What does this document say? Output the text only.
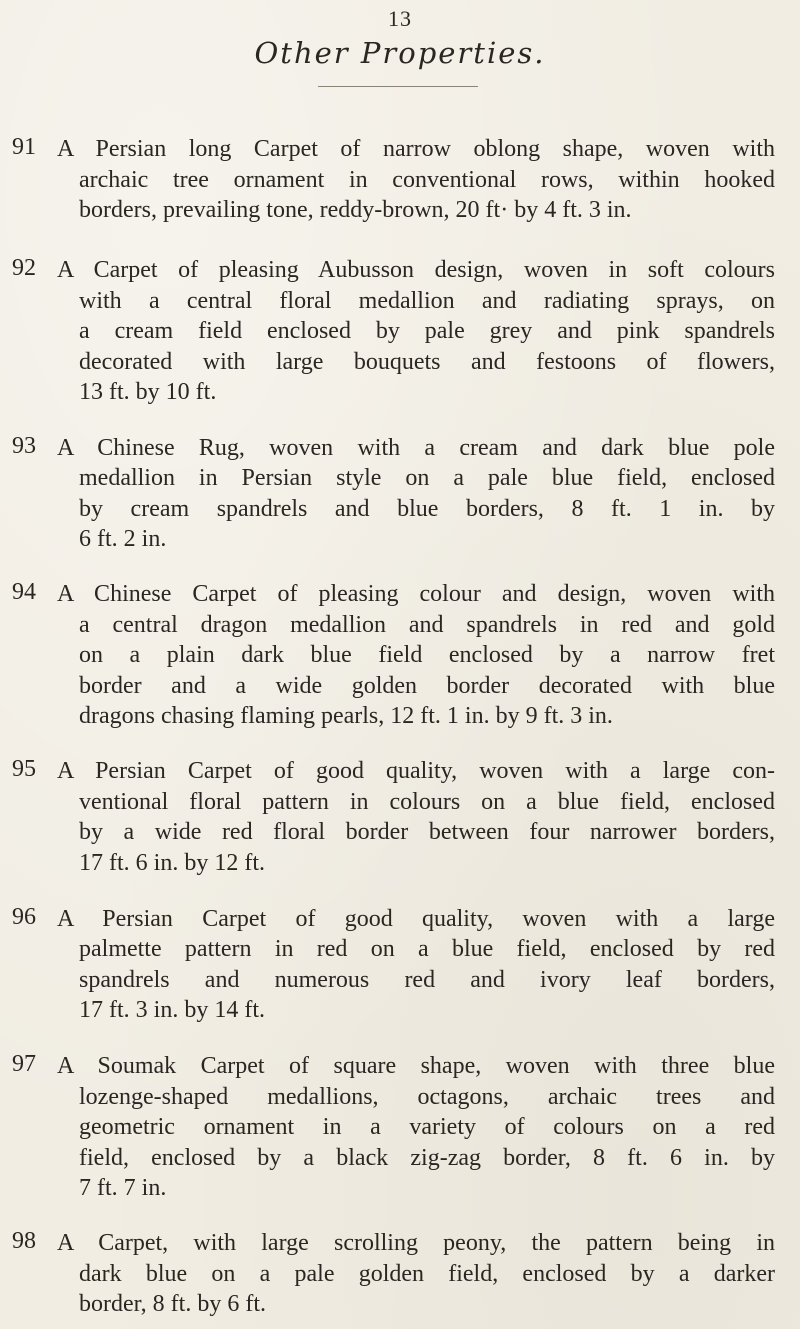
13
Other Properties.
91 A Persian long Carpet of narrow oblong shape, woven with
archaic tree ornament in conventional rows, within hooked
borders, prevailing tone, reddy-brown, 20 ft· by 4 ft. 3 in.
92 A Carpet of pleasing Aubusson design, woven in soft colours
with a central floral medallion and radiating sprays, on
a cream field enclosed by pale grey and pink spandrels
decorated with large bouquets and festoons of flowers,
13 ft. by 10 ft.
93 A Chinese Rug, woven with a cream and dark blue pole
medallion in Persian style on a pale blue field, enclosed
by cream spandrels and blue borders, 8 ft. 1 in. by
6 ft. 2 in.
94 A Chinese Carpet of pleasing colour and design, woven with
a central dragon medallion and spandrels in red and gold
on a plain dark blue field enclosed by a narrow fret
border and a wide golden border decorated with blue
dragons chasing flaming pearls, 12 ft. 1 in. by 9 ft. 3 in.
95 A Persian Carpet of good quality, woven with a large con-
ventional floral pattern in colours on a blue field, enclosed
by a wide red floral border between four narrower borders,
17 ft. 6 in. by 12 ft.
96 A Persian Carpet of good quality, woven with a large
palmette pattern in red on a blue field, enclosed by red
spandrels and numerous red and ivory leaf borders,
17 ft. 3 in. by 14 ft.
97 A Soumak Carpet of square shape, woven with three blue
lozenge-shaped medallions, octagons, archaic trees and
geometric ornament in a variety of colours on a red
field, enclosed by a black zig-zag border, 8 ft. 6 in. by
7 ft. 7 in.
98 A Carpet, with large scrolling peony, the pattern being in
dark blue on a pale golden field, enclosed by a darker
border, 8 ft. by 6 ft.
